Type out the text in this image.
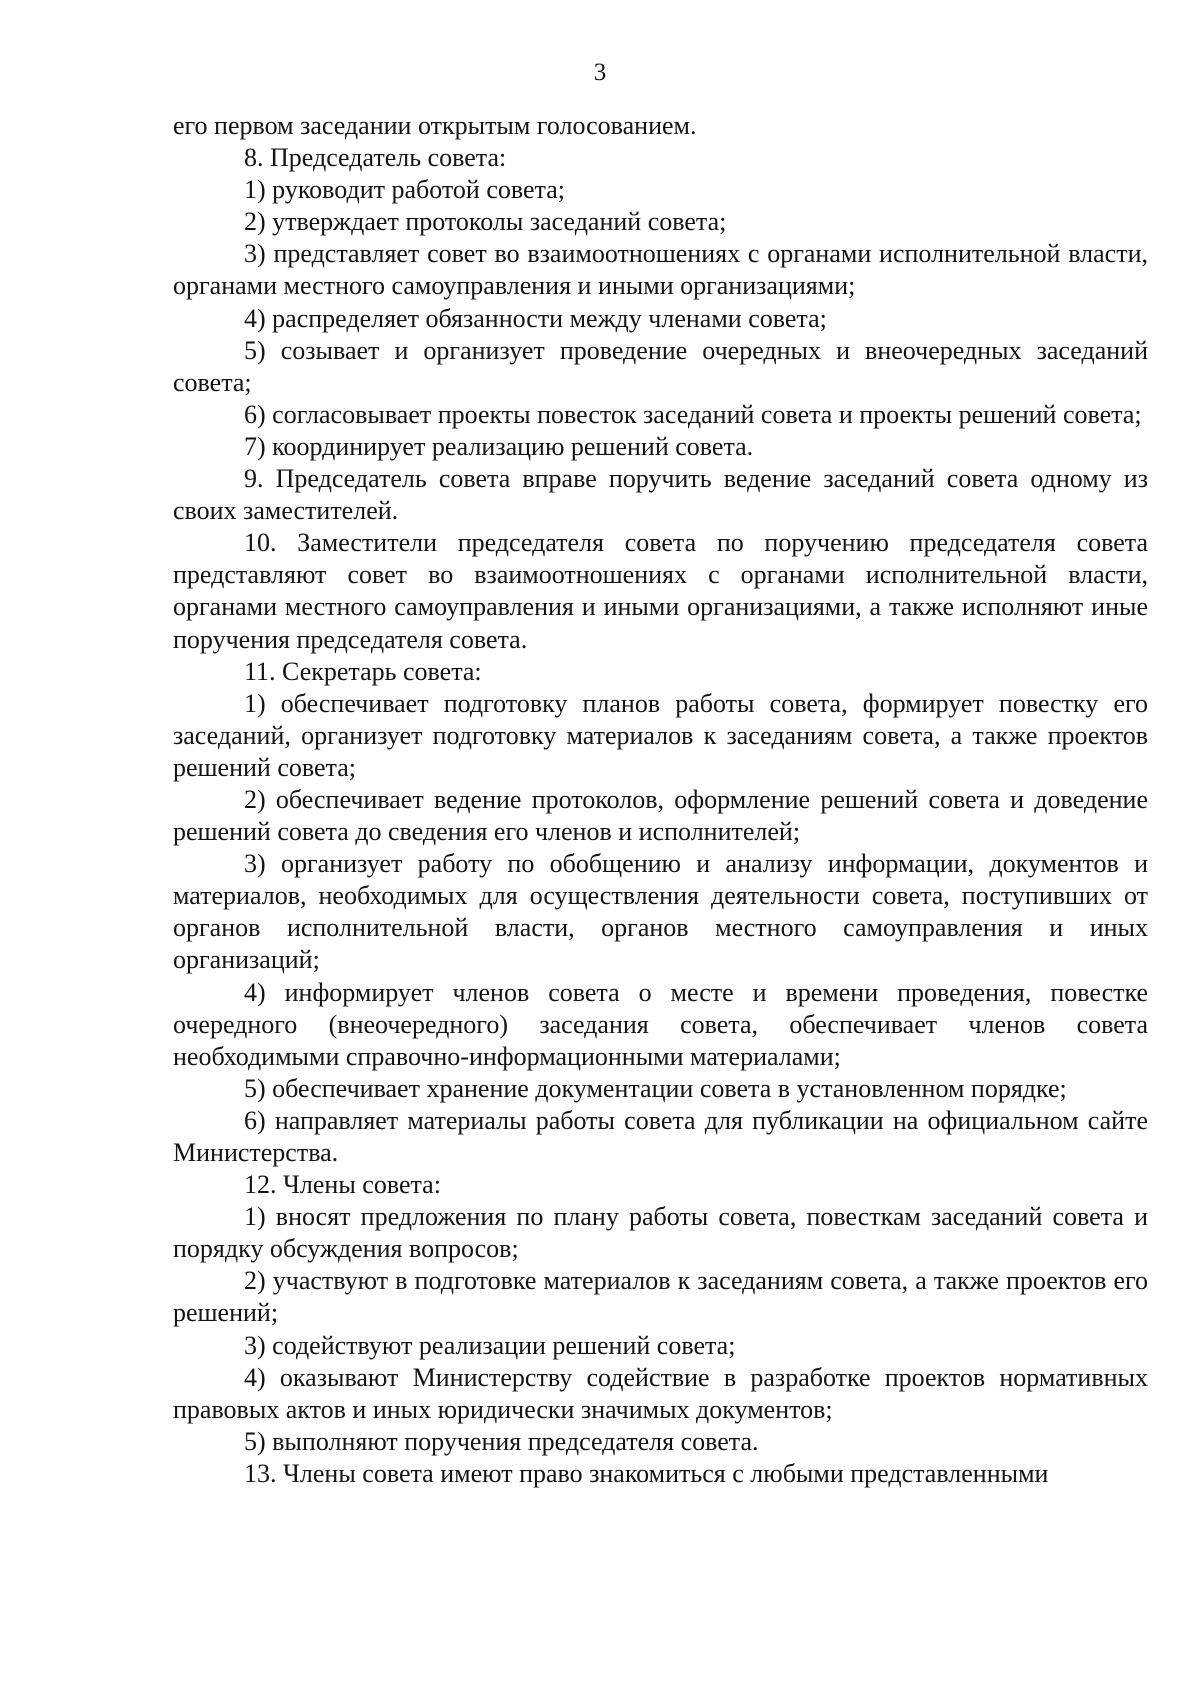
3

его первом заседании открытым голосованием.

8. Председатель совета:

1) руководит работой совета;

2) утверждает протоколы заседаний совета;

3) представляет совет во взаимоотношениях с органами исполнительной власти, органами местного самоуправления и иными организациями;

4) распределяет обязанности между членами совета;

5) созывает и организует проведение очередных и внеочередных заседаний совета;

6) согласовывает проекты повесток заседаний совета и проекты решений совета;

7) координирует реализацию решений совета.

9. Председатель совета вправе поручить ведение заседаний совета одному из своих заместителей.

10. Заместители председателя совета по поручению председателя совета представляют совет во взаимоотношениях с органами исполнительной власти, органами местного самоуправления и иными организациями, а также исполняют иные поручения председателя совета.

11. Секретарь совета:

1) обеспечивает подготовку планов работы совета, формирует повестку его заседаний, организует подготовку материалов к заседаниям совета, а также проектов решений совета;

2) обеспечивает ведение протоколов, оформление решений совета и доведение решений совета до сведения его членов и исполнителей;

3) организует работу по обобщению и анализу информации, документов и материалов, необходимых для осуществления деятельности совета, поступивших от органов исполнительной власти, органов местного самоуправления и иных организаций;

4) информирует членов совета о месте и времени проведения, повестке очередного (внеочередного) заседания совета, обеспечивает членов совета необходимыми справочно-информационными материалами;

5) обеспечивает хранение документации совета в установленном порядке;

6) направляет материалы работы совета для публикации на официальном сайте Министерства.

12. Члены совета:

1) вносят предложения по плану работы совета, повесткам заседаний совета и порядку обсуждения вопросов;

2) участвуют в подготовке материалов к заседаниям совета, а также проектов его решений;

3) содействуют реализации решений совета;

4) оказывают Министерству содействие в разработке проектов нормативных правовых актов и иных юридически значимых документов;

5) выполняют поручения председателя совета.

13. Члены совета имеют право знакомиться с любыми представленными
